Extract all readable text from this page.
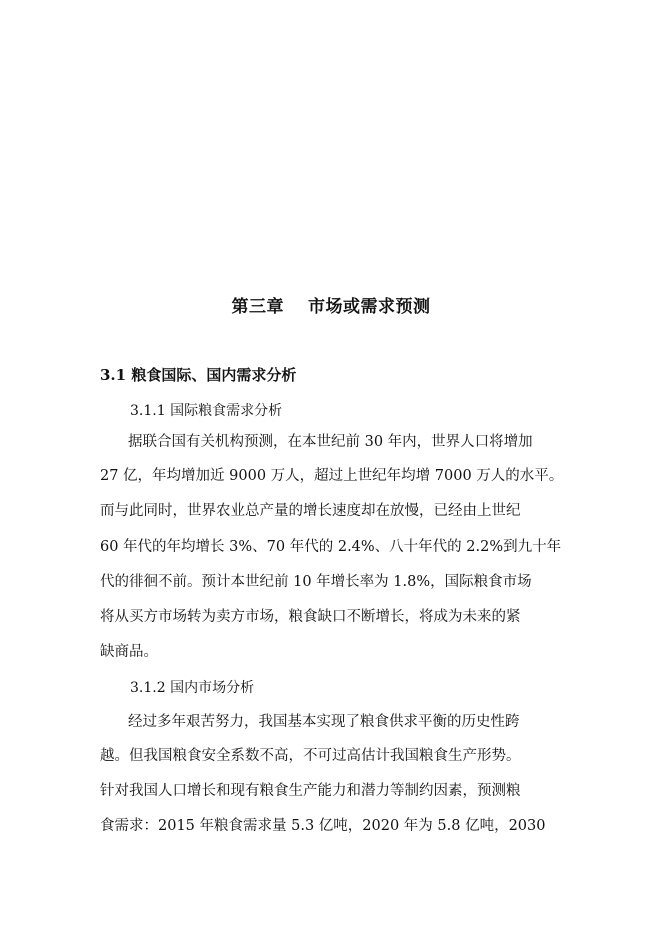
第三章　 市场或需求预测
3.1 粮食国际、国内需求分析
3.1.1 国际粮食需求分析
据联合国有关机构预测，在本世纪前 30 年内，世界人口将增加
27 亿，年均增加近 9000 万人，超过上世纪年均增 7000 万人的水平。
而与此同时，世界农业总产量的增长速度却在放慢，已经由上世纪
60 年代的年均增长 3%、70 年代的 2.4%、八十年代的 2.2%到九十年
代的徘徊不前。预计本世纪前 10 年增长率为 1.8%，国际粮食市场
将从买方市场转为卖方市场，粮食缺口不断增长，将成为未来的紧
缺商品。
3.1.2 国内市场分析
经过多年艰苦努力，我国基本实现了粮食供求平衡的历史性跨
越。但我国粮食安全系数不高，不可过高估计我国粮食生产形势。
针对我国人口增长和现有粮食生产能力和潜力等制约因素，预测粮
食需求：2015 年粮食需求量 5.3 亿吨，2020 年为 5.8 亿吨，2030
